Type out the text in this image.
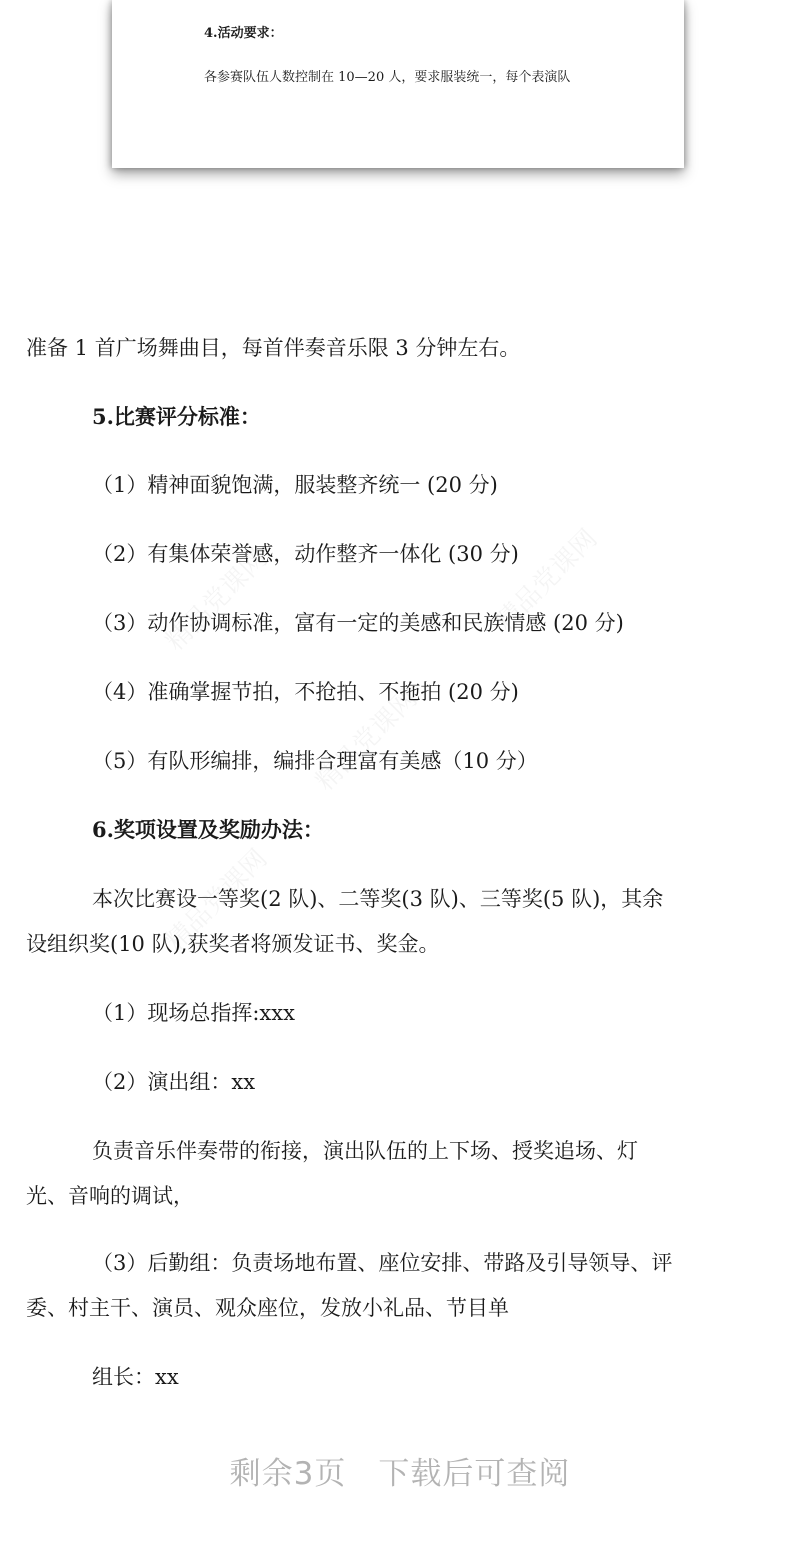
4.活动要求：
各参赛队伍人数控制在 10—20 人，要求服装统一，每个表演队
准备 1 首广场舞曲目，每首伴奏音乐限 3 分钟左右。
5.比赛评分标准：
（1）精神面貌饱满，服装整齐统一 (20 分)
（2）有集体荣誉感，动作整齐一体化 (30 分)
（3）动作协调标准，富有一定的美感和民族情感 (20 分)
（4）准确掌握节拍，不抢拍、不拖拍 (20 分)
（5）有队形编排，编排合理富有美感（10 分）
6.奖项设置及奖励办法：
本次比赛设一等奖(2 队)、二等奖(3 队)、三等奖(5 队)，其余
设组织奖(10 队),获奖者将颁发证书、奖金。
（1）现场总指挥:xxx
（2）演出组：xx
负责音乐伴奏带的衔接，演出队伍的上下场、授奖追场、灯
光、音响的调试，
（3）后勤组：负责场地布置、座位安排、带路及引导领导、评
委、村主干、演员、观众座位，发放小礼品、节目单
组长：xx
剩余3页　下载后可查阅
